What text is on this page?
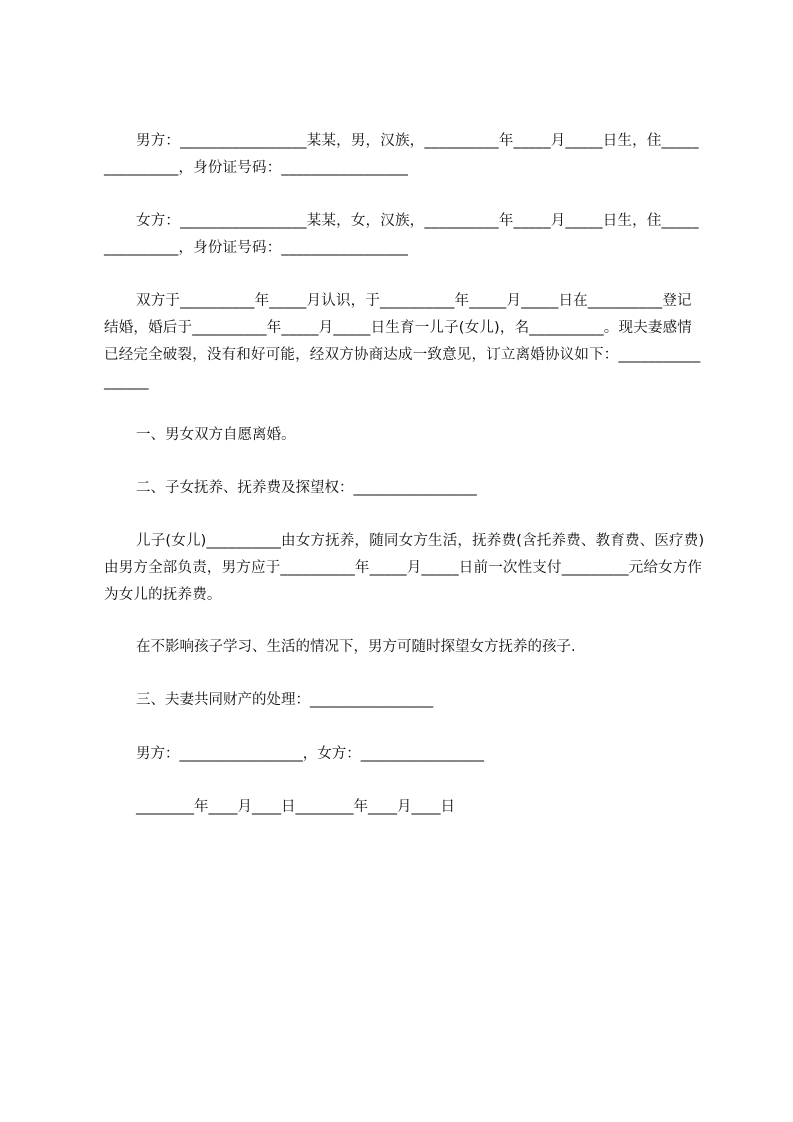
男方：_________________某某，男，汉族，__________年_____月_____日生，住_______________，身份证号码：_________________
女方：_________________某某，女，汉族，__________年_____月_____日生，住_______________，身份证号码：_________________
双方于__________年_____月认识，于__________年_____月_____日在__________登记结婚，婚后于__________年_____月_____日生育一儿子(女儿)，名__________。现夫妻感情已经完全破裂，没有和好可能，经双方协商达成一致意见，订立离婚协议如下：_________________
一、男女双方自愿离婚。
二、子女抚养、抚养费及探望权：_________________
儿子(女儿)__________由女方抚养，随同女方生活，抚养费(含托养费、教育费、医疗费)由男方全部负责，男方应于__________年_____月_____日前一次性支付_________元给女方作为女儿的抚养费。
在不影响孩子学习、生活的情况下，男方可随时探望女方抚养的孩子.
三、夫妻共同财产的处理：_________________
男方：_________________，女方：_________________
________年____月____日________年____月____日
